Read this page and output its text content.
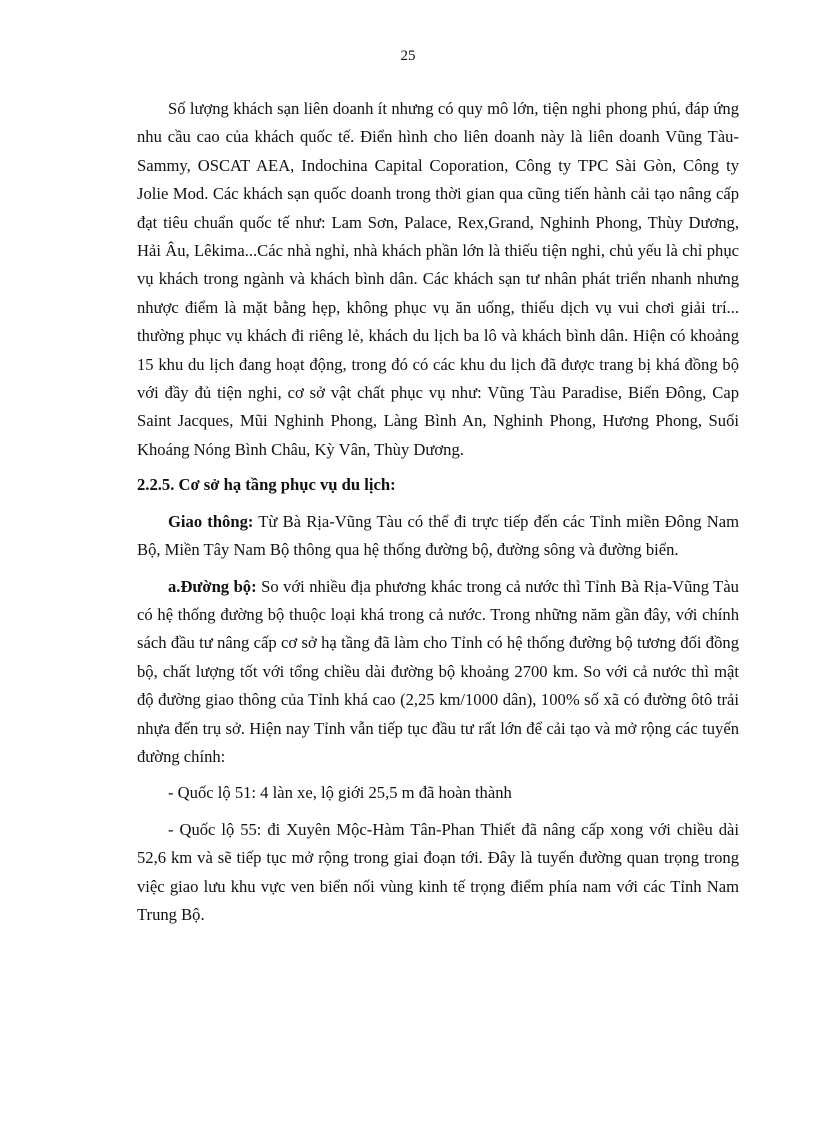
25

Số lượng khách sạn liên doanh ít nhưng có quy mô lớn, tiện nghi phong phú, đáp ứng nhu cầu cao của khách quốc tế. Điển hình cho liên doanh này là liên doanh Vũng Tàu-Sammy, OSCAT AEA, Indochina Capital Coporation, Công ty TPC Sài Gòn, Công ty Jolie Mod. Các khách sạn quốc doanh trong thời gian qua cũng tiến hành cải tạo nâng cấp đạt tiêu chuẩn quốc tế như: Lam Sơn, Palace, Rex,Grand, Nghinh Phong, Thùy Dương, Hải Âu, Lêkima...Các nhà nghỉ, nhà khách phần lớn là thiếu tiện nghi, chủ yếu là chỉ phục vụ khách trong ngành và khách bình dân. Các khách sạn tư nhân phát triển nhanh nhưng nhược điểm là mặt bằng hẹp, không phục vụ ăn uống, thiếu dịch vụ vui chơi giải trí... thường phục vụ khách đi riêng lẻ, khách du lịch ba lô và khách bình dân. Hiện có khoảng 15 khu du lịch đang hoạt động, trong đó có các khu du lịch đã được trang bị khá đồng bộ với đầy đủ tiện nghi, cơ sở vật chất phục vụ như: Vũng Tàu Paradise, Biển Đông, Cap Saint Jacques, Mũi Nghinh Phong, Làng Bình An, Nghinh Phong, Hương Phong, Suối Khoáng Nóng Bình Châu, Kỳ Vân, Thùy Dương.

2.2.5. Cơ sở hạ tầng phục vụ du lịch:

Giao thông: Từ Bà Rịa-Vũng Tàu có thể đi trực tiếp đến các Tỉnh miền Đông Nam Bộ, Miền Tây Nam Bộ thông qua hệ thống đường bộ, đường sông và đường biển.

a.Đường bộ: So với nhiều địa phương khác trong cả nước thì Tỉnh Bà Rịa-Vũng Tàu có hệ thống đường bộ thuộc loại khá trong cả nước. Trong những năm gần đây, với chính sách đầu tư nâng cấp cơ sở hạ tầng đã làm cho Tỉnh có hệ thống đường bộ tương đối đồng bộ, chất lượng tốt với tổng chiều dài đường bộ khoảng 2700 km. So với cả nước thì mật độ đường giao thông của Tỉnh khá cao (2,25 km/1000 dân), 100% số xã có đường ôtô trải nhựa đến trụ sở. Hiện nay Tỉnh vẫn tiếp tục đầu tư rất lớn để cải tạo và mở rộng các tuyến đường chính:

- Quốc lộ 51: 4 làn xe, lộ giới 25,5 m đã hoàn thành

- Quốc lộ 55: đi Xuyên Mộc-Hàm Tân-Phan Thiết đã nâng cấp xong với chiều dài 52,6 km và sẽ tiếp tục mở rộng trong giai đoạn tới. Đây là tuyến đường quan trọng trong việc giao lưu khu vực ven biển nối vùng kinh tế trọng điểm phía nam với các Tỉnh Nam Trung Bộ.
